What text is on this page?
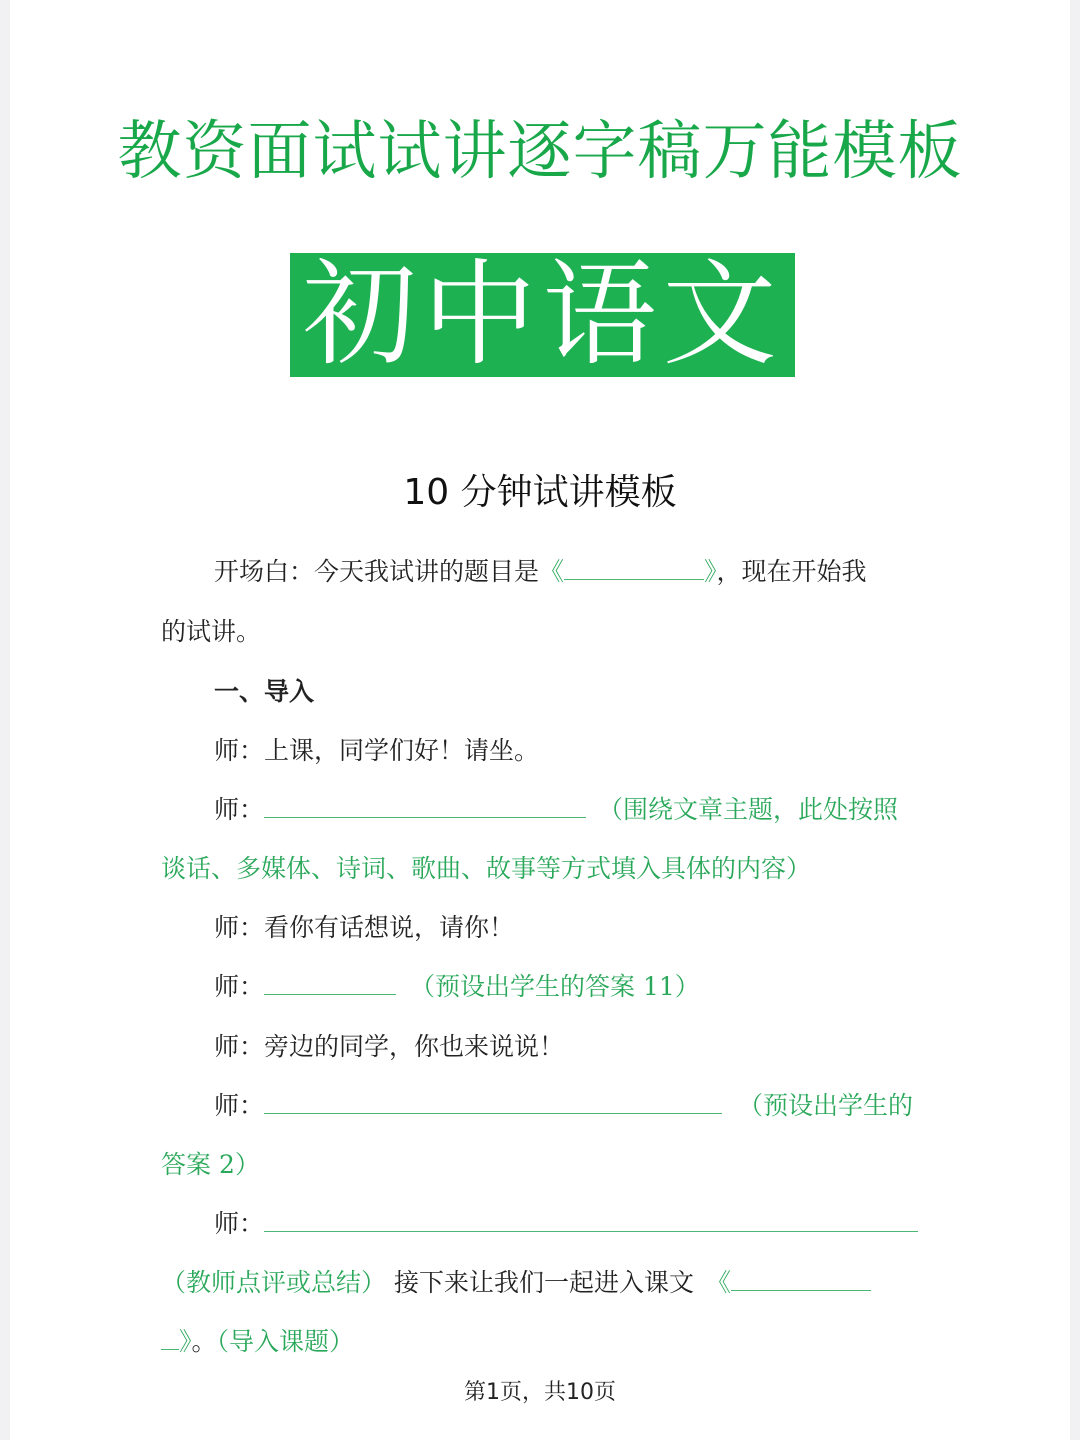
教资面试试讲逐字稿万能模板
初中语文
10 分钟试讲模板
开场白：今天我试讲的题目是《	》，现在开始我
的试讲。
一、导入
师：上课，同学们好！请坐。
师：	（围绕文章主题，此处按照
谈话、多媒体、诗词、歌曲、故事等方式填入具体的内容）
师：看你有话想说，请你！
师：	（预设出学生的答案 11）
师：旁边的同学，你也来说说！
师：	（预设出学生的
答案 2）
师：
（教师点评或总结） 接下来让我们一起进入课文 《
》。（导入课题）
第1页，共10页
